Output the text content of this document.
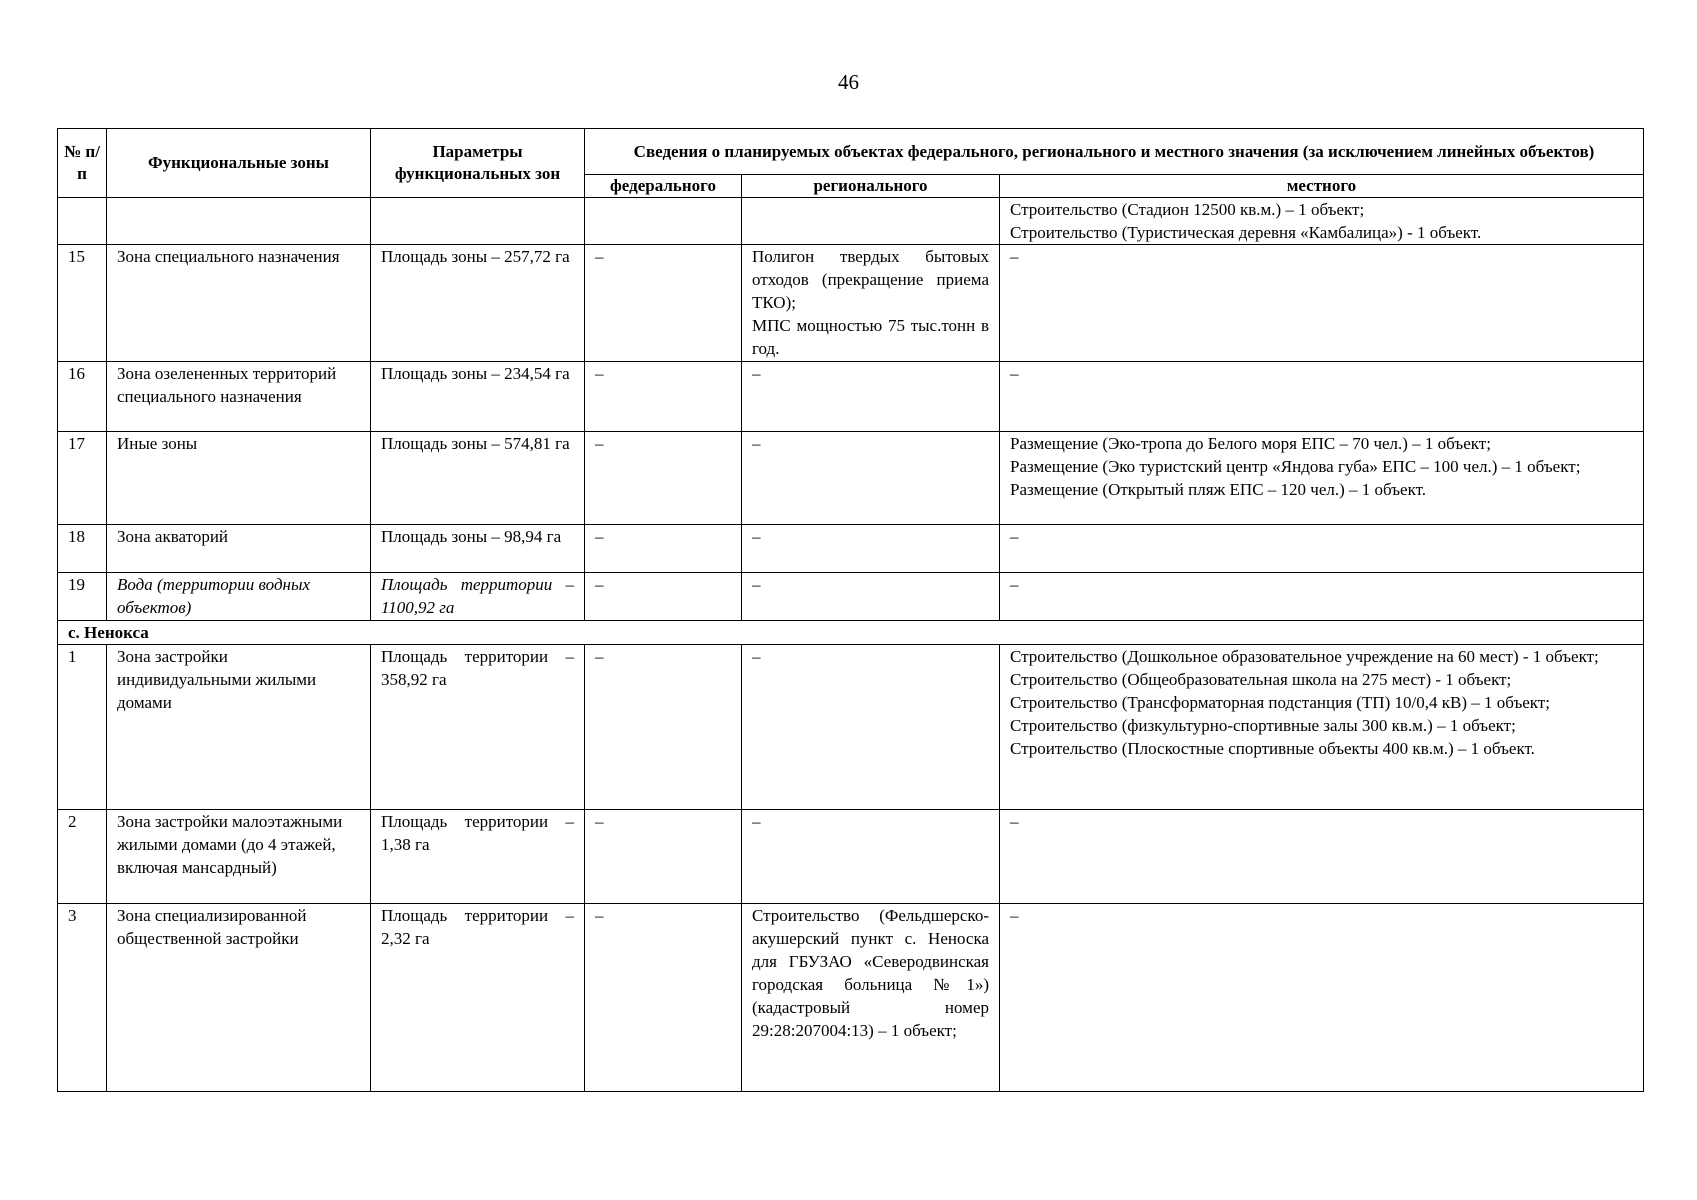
46
№ п/п	Функциональные зоны	Параметры функциональных зон	Сведения о планируемых объектах федерального, регионального и местного значения (за исключением линейных объектов)		
			федерального	регионального	местного

					Строительство (Стадион 12500 кв.м.) – 1 объект;
Строительство (Туристическая деревня «Камбалица») - 1 объект.

15	Зона специального назначения	Площадь зоны – 257,72 га	–	Полигон твердых бытовых отходов (прекращение приема ТКО);
МПС мощностью 75 тыс.тонн в год.	–

16	Зона озелененных территорий специального назначения	Площадь зоны – 234,54 га	–	–	–

17	Иные зоны	Площадь зоны – 574,81 га	–	–	Размещение (Эко-тропа до Белого моря ЕПС – 70 чел.) – 1 объект;
Размещение (Эко туристский центр «Яндова губа» ЕПС – 100 чел.) – 1 объект;
Размещение (Открытый пляж ЕПС – 120 чел.) – 1 объект.

18	Зона акваторий	Площадь зоны – 98,94 га	–	–	–

19	Вода (территории водных объектов)	Площадь территории – 1100,92 га	–	–	–

с. Ненокса					
1	Зона застройки индивидуальными жилыми домами	Площадь территории – 358,92 га	–	–	Строительство (Дошкольное образовательное учреждение на 60 мест) - 1 объект;
Строительство (Общеобразовательная школа на 275 мест) - 1 объект;
Строительство (Трансформаторная подстанция (ТП) 10/0,4 кВ) – 1 объект;
Строительство (физкультурно-спортивные залы 300 кв.м.) – 1 объект;
Строительство (Плоскостные спортивные объекты 400 кв.м.) – 1 объект.

2	Зона застройки малоэтажными жилыми домами (до 4 этажей, включая мансардный)	Площадь территории – 1,38 га	–	–	–

3	Зона специализированной общественной застройки	Площадь территории – 2,32 га	–	Строительство (Фельдшерско-акушерский пункт с. Неноска для ГБУЗАО «Северодвинская городская больница №1») (кадастровый номер 29:28:207004:13) – 1 объект;	–
